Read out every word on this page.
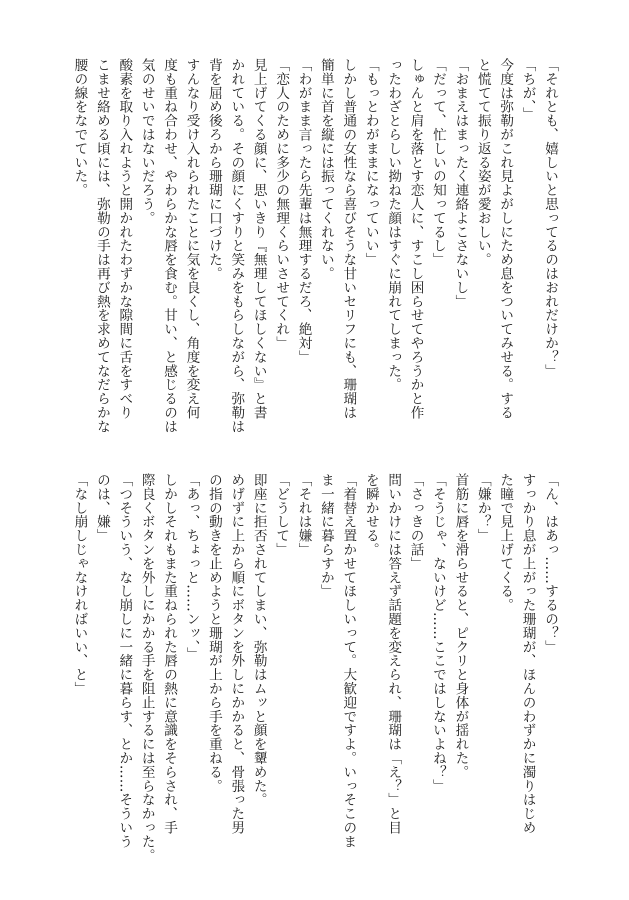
「それとも、嬉しいと思ってるのはおれだけか？」

「ちが、」

今度は弥勒がこれ見よがしにため息をついてみせる。する

と慌てて振り返る姿が愛おしい。

「おまえはまったく連絡よこさないし」

「だって、忙しいの知ってるし」

しゅんと肩を落とす恋人に、すこし困らせてやろうかと作

ったわざとらしい拗ねた顔はすぐに崩れてしまった。

「もっとわがままになっていい」

しかし普通の女性なら喜びそうな甘いセリフにも、珊瑚は

簡単に首を縦には振ってくれない。

「わがまま言ったら先輩は無理するだろ、絶対」

「恋人のために多少の無理くらいさせてくれ」

見上げてくる顔に、思いきり『無理してほしくない』と書

かれている。その顔にくすりと笑みをもらしながら、弥勒は

背を屈め後ろから珊瑚に口づけた。

すんなり受け入れられたことに気を良くし、角度を変え何

度も重ね合わせ、やわらかな唇を食む。甘い、と感じるのは

気のせいではないだろう。

酸素を取り入れようと開かれたわずかな隙間に舌をすべり

こませ絡める頃には、弥勒の手は再び熱を求めてなだらかな

腰の線をなでていた。

「ん、はあっ……するの？」

すっかり息が上がった珊瑚が、ほんのわずかに濁りはじめ

た瞳で見上げてくる。

「嫌か？」

首筋に唇を滑らせると、ピクリと身体が揺れた。

「そうじゃ、ないけど……ここではしないよね？」

「さっきの話」

問いかけには答えず話題を変えられ、珊瑚は「え？」と目

を瞬かせる。

「着替え置かせてほしいって。大歓迎ですよ。いっそこのま

ま一緒に暮らすか」

「それは嫌」

「どうして」

即座に拒否されてしまい、弥勒はムッと顔を顰めた。

めげずに上から順にボタンを外しにかかると、骨張った男

の指の動きを止めようと珊瑚が上から手を重ねる。

「あっ、ちょっと……ンッ、」

しかしそれもまた重ねられた唇の熱に意識をそらされ、手

際良くボタンを外しにかかる手を阻止するには至らなかった。

「つそういう、なし崩しに一緒に暮らす、とか……そういう

のは、嫌」

「なし崩しじゃなければいい、と」
